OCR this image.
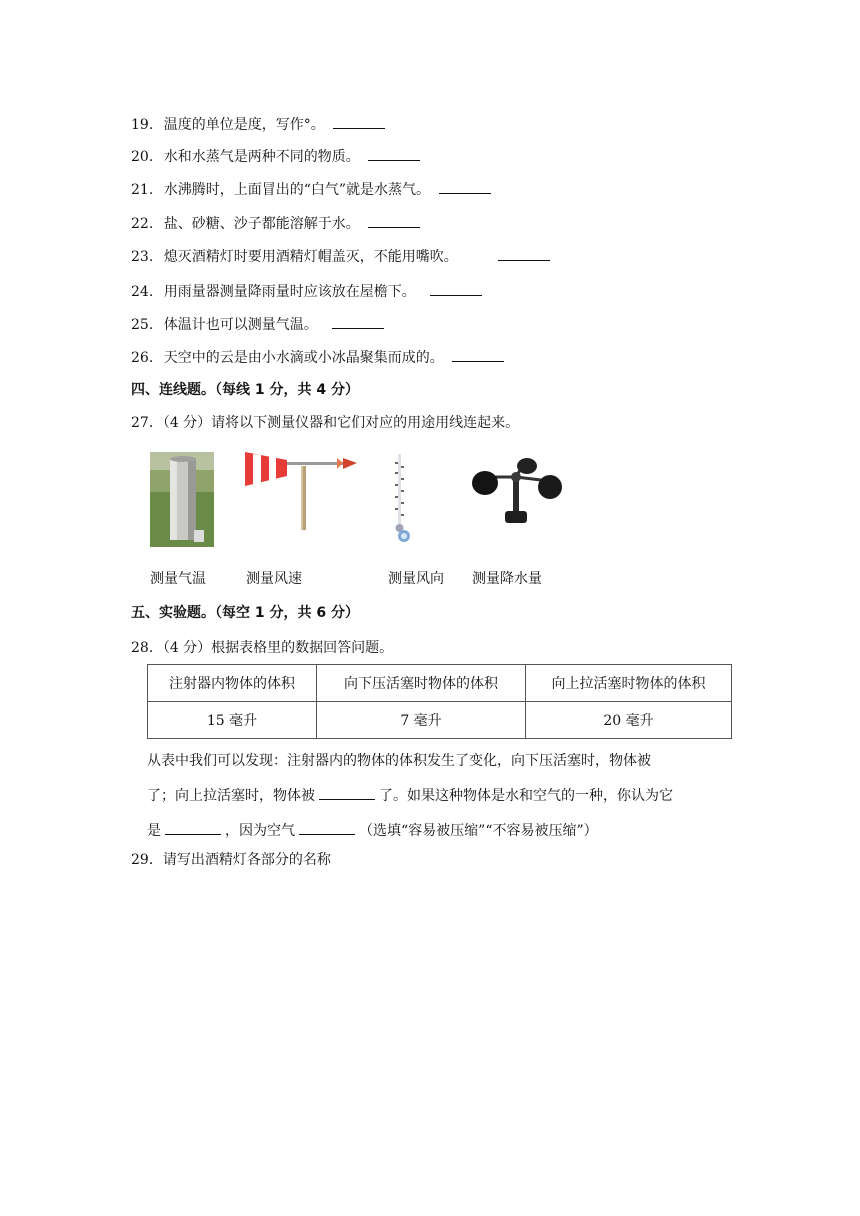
19. 温度的单位是度，写作°。
20. 水和水蒸气是两种不同的物质。
21. 水沸腾时，上面冒出的“白气”就是水蒸气。
22. 盐、砂糖、沙子都能溶解于水。
23. 熄灭酒精灯时要用酒精灯帽盖灭，不能用嘴吹。
24. 用雨量器测量降雨量时应该放在屋檐下。
25. 体温计也可以测量气温。
26. 天空中的云是由小水滴或小冰晶聚集而成的。
四、连线题。（每线 1 分，共 4 分）
27．（4 分）请将以下测量仪器和它们对应的用途用线连起来。
测量气温	测量风速	测量风向 测量降水量
五、实验题。（每空 1 分，共 6 分）
28．（4 分）根据表格里的数据回答问题。
注射器内物体的体积	向下压活塞时物体的体积	向上拉活塞时物体的体积
15 毫升	7 毫升	20 毫升
从表中我们可以发现：注射器内的物体的体积发生了变化，向下压活塞时，物体被
了；向上拉活塞时，物体被	了。如果这种物体是水和空气的一种，你认为它
是	，因为空气	（选填“容易被压缩”“不容易被压缩”）
29．请写出酒精灯各部分的名称
